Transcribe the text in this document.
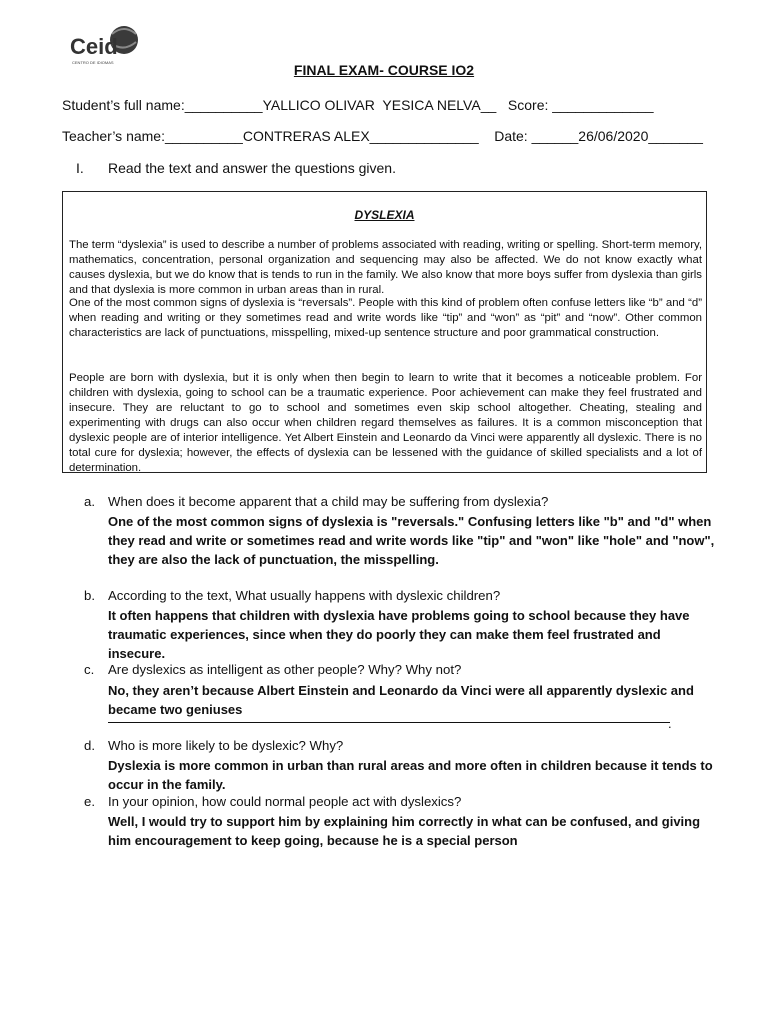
Ceid
CENTRO DE IDIOMAS	FINAL EXAM- COURSE IO2
Student’s full name:__________YALLICO OLIVAR  YESICA NELVA__   Score: _____________
Teacher’s name:__________CONTRERAS ALEX______________    Date: ______26/06/2020_______
I. Read the text and answer the questions given.
DYSLEXIA
The term “dyslexia” is used to describe a number of problems associated with reading, writing or spelling. Short-term memory, mathematics, concentration, personal organization and sequencing may also be affected. We do not know exactly what causes dyslexia, but we do know that is tends to run in the family. We also know that more boys suffer from dyslexia than girls and that dyslexia is more common in urban areas than in rural.
One of the most common signs of dyslexia is “reversals”. People with this kind of problem often confuse letters like “b” and “d” when reading and writing or they sometimes read and write words like “tip” and “won” as “pit” and “now”. Other common characteristics are lack of punctuations, misspelling, mixed-up sentence structure and poor grammatical construction.
People are born with dyslexia, but it is only when then begin to learn to write that it becomes a noticeable problem. For children with dyslexia, going to school can be a traumatic experience. Poor achievement can make they feel frustrated and insecure. They are reluctant to go to school and sometimes even skip school altogether. Cheating, stealing and experimenting with drugs can also occur when children regard themselves as failures. It is a common misconception that dyslexic people are of interior intelligence. Yet Albert Einstein and Leonardo da Vinci were apparently all dyslexic. There is no total cure for dyslexia; however, the effects of dyslexia can be lessened with the guidance of skilled specialists and a lot of determination.
a. When does it become apparent that a child may be suffering from dyslexia?
One of the most common signs of dyslexia is "reversals." Confusing letters like "b" and "d" when they read and write or sometimes read and write words like "tip" and "won" like "hole" and "now", they are also the lack of punctuation, the misspelling.
b. According to the text, What usually happens with dyslexic children?
It often happens that children with dyslexia have problems going to school because they have traumatic experiences, since when they do poorly they can make them feel frustrated and insecure.
c. Are dyslexics as intelligent as other people? Why? Why not?
No, they aren’t because Albert Einstein and Leonardo da Vinci were all apparently dyslexic and became two geniuses
.
d. Who is more likely to be dyslexic? Why?
Dyslexia is more common in urban than rural areas and more often in children because it tends to occur in the family.
e. In your opinion, how could normal people act with dyslexics?
Well, I would try to support him by explaining him correctly in what can be confused, and giving him encouragement to keep going, because he is a special person
